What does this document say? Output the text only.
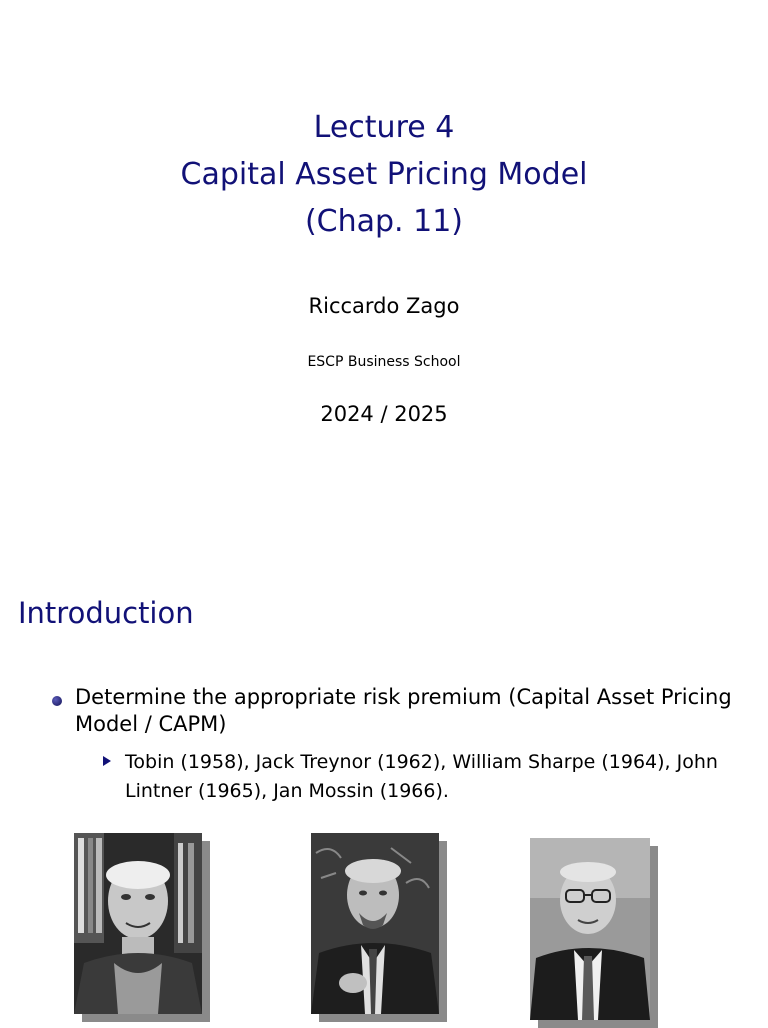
Lecture 4
Capital Asset Pricing Model
(Chap. 11)
Riccardo Zago
ESCP Business School
2024 / 2025
Introduction
Determine the appropriate risk premium (Capital Asset Pricing Model / CAPM)
Tobin (1958), Jack Treynor (1962), William Sharpe (1964), John Lintner (1965), Jan Mossin (1966).
